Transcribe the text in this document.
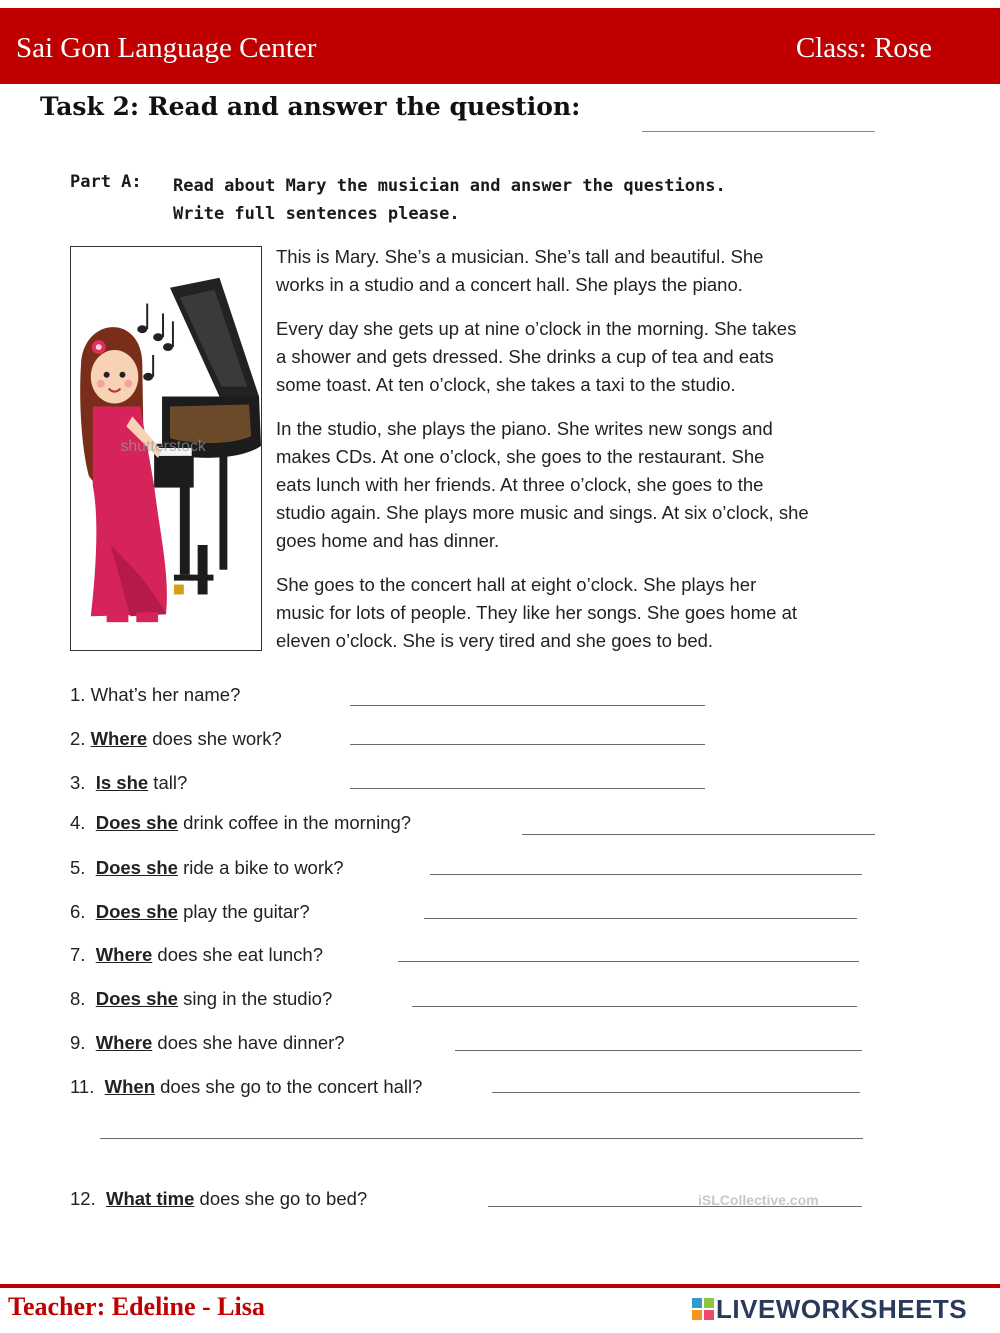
Sai Gon Language Center	Class: Rose
Task 2: Read and answer the question:
Part A: Read about Mary the musician and answer the questions.
Write full sentences please.
shutterstock

This is Mary. She’s a musician. She’s tall and beautiful. She
works in a studio and a concert hall. She plays the piano.

Every day she gets up at nine o’clock in the morning. She takes
a shower and gets dressed. She drinks a cup of tea and eats
some toast. At ten o’clock, she takes a taxi to the studio.

In the studio, she plays the piano. She writes new songs and
makes CDs. At one o’clock, she goes to the restaurant. She
eats lunch with her friends. At three o’clock, she goes to the
studio again. She plays more music and sings. At six o’clock, she
goes home and has dinner.

She goes to the concert hall at eight o’clock. She plays her
music for lots of people. They like her songs. She goes home at
eleven o’clock. She is very tired and she goes to bed.

1. What’s her name?
2. Where does she work?
3. Is she tall?
4. Does she drink coffee in the morning?
5. Does she ride a bike to work?
6. Does she play the guitar?
7. Where does she eat lunch?
8. Does she sing in the studio?
9. Where does she have dinner?
11. When does she go to the concert hall?
12. What time does she go to bed?	iSLCollective.com
Teacher: Edeline - Lisa	LIVEWORKSHEETS
